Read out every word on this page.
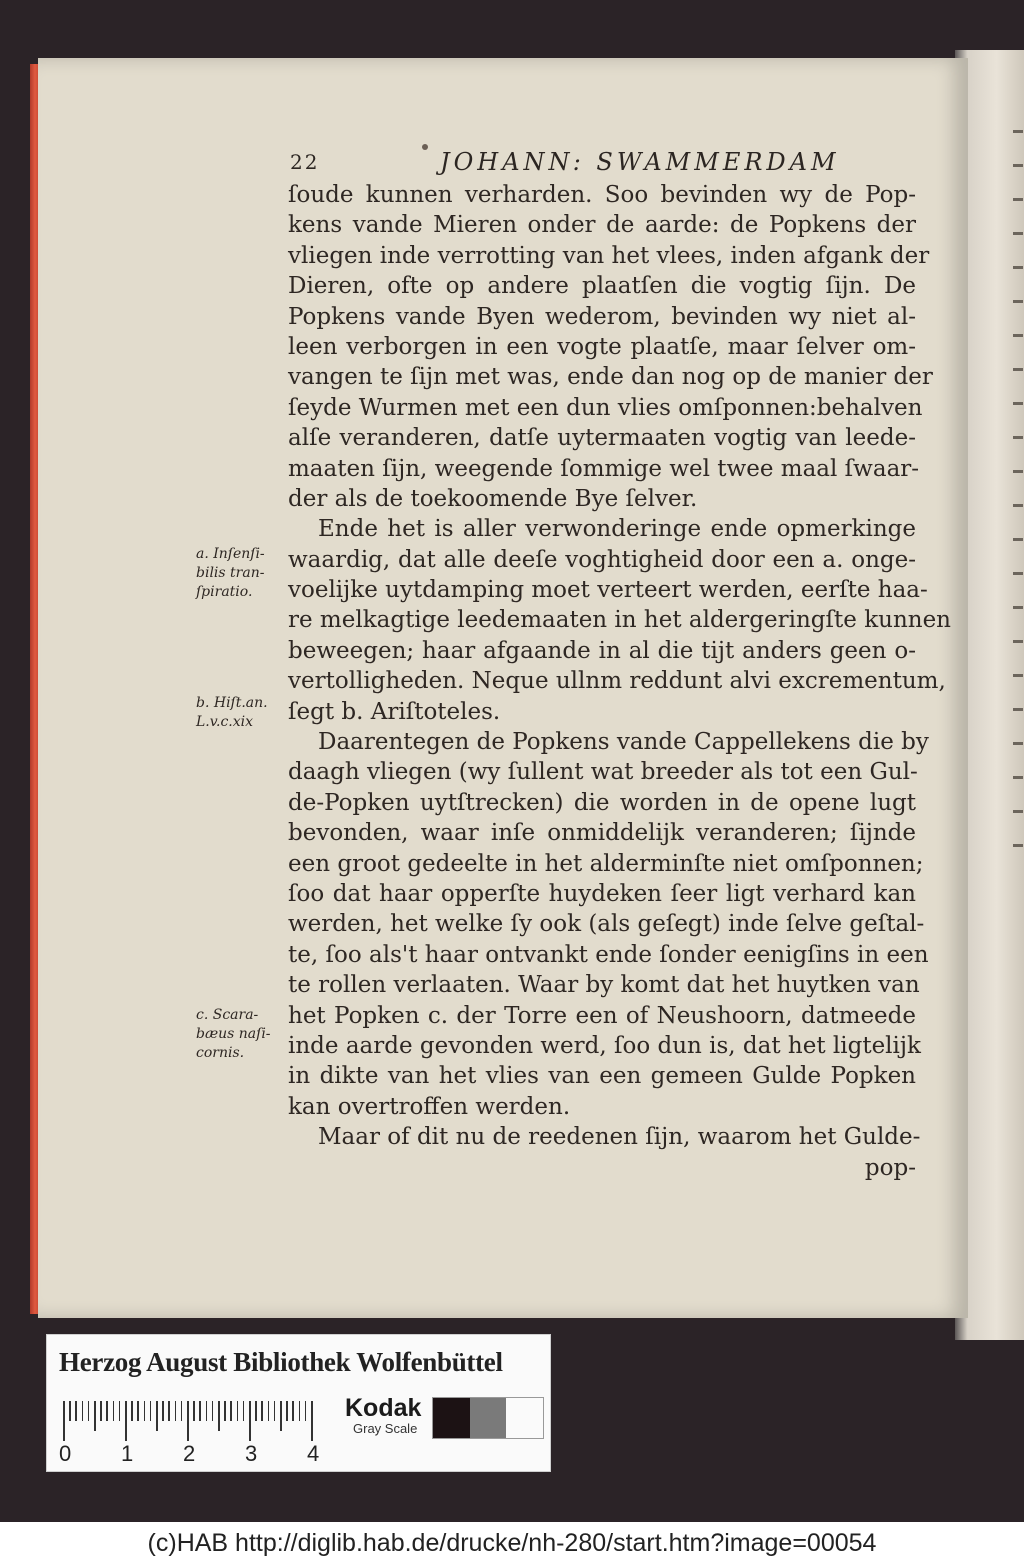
22	JOHANN: SWAMMERDAM
ſoude kunnen verharden. Soo bevinden wy de Pop-
kens vande Mieren onder de aarde: de Popkens der
vliegen inde verrotting van het vlees, inden afgank der
Dieren, ofte op andere plaatſen die vogtig ſijn. De
Popkens vande Byen wederom, bevinden wy niet al-
leen verborgen in een vogte plaatſe, maar ſelver om-
vangen te ſijn met was, ende dan nog op de manier der
ſeyde Wurmen met een dun vlies omſponnen:behalven
alſe veranderen, datſe uytermaaten vogtig van leede-
maaten ſijn, weegende ſommige wel twee maal ſwaar-
der als de toekoomende Bye ſelver.
Ende het is aller verwonderinge ende opmerkinge
waardig, dat alle deeſe voghtigheid door een a. onge-
voelijke uytdamping moet verteert werden, eerſte haa-
re melkagtige leedemaaten in het aldergeringſte kunnen
beweegen; haar afgaande in al die tijt anders geen o-
vertolligheden. Neque ullnm reddunt alvi excrementum,
ſegt b. Ariſtoteles.
Daarentegen de Popkens vande Cappellekens die by
daagh vliegen (wy ſullent wat breeder als tot een Gul-
de-Popken uytſtrecken) die worden in de opene lugt
bevonden, waar inſe onmiddelijk veranderen; ſijnde
een groot gedeelte in het alderminſte niet omſponnen;
ſoo dat haar opperſte huydeken ſeer ligt verhard kan
werden, het welke ſy ook (als geſegt) inde ſelve geſtal-
te, ſoo als't haar ontvankt ende ſonder eenigſins in een
te rollen verlaaten. Waar by komt dat het huytken van
het Popken c. der Torre een of Neushoorn, datmeede
inde aarde gevonden werd, ſoo dun is, dat het ligtelijk
in dikte van het vlies van een gemeen Gulde Popken
kan overtroffen werden.
Maar of dit nu de reedenen ſijn, waarom het Gulde-
pop-
a. Inſenſi-
bilis tran-
ſpiratio.
b. Hiſt.an.
L.v.c.xix
c. Scara-
bæus naſi-
cornis.
Herzog August Bibliothek Wolfenbüttel
0 1 2 3 4
Kodak
Gray Scale
(c)HAB http://diglib.hab.de/drucke/nh-280/start.htm?image=00054
